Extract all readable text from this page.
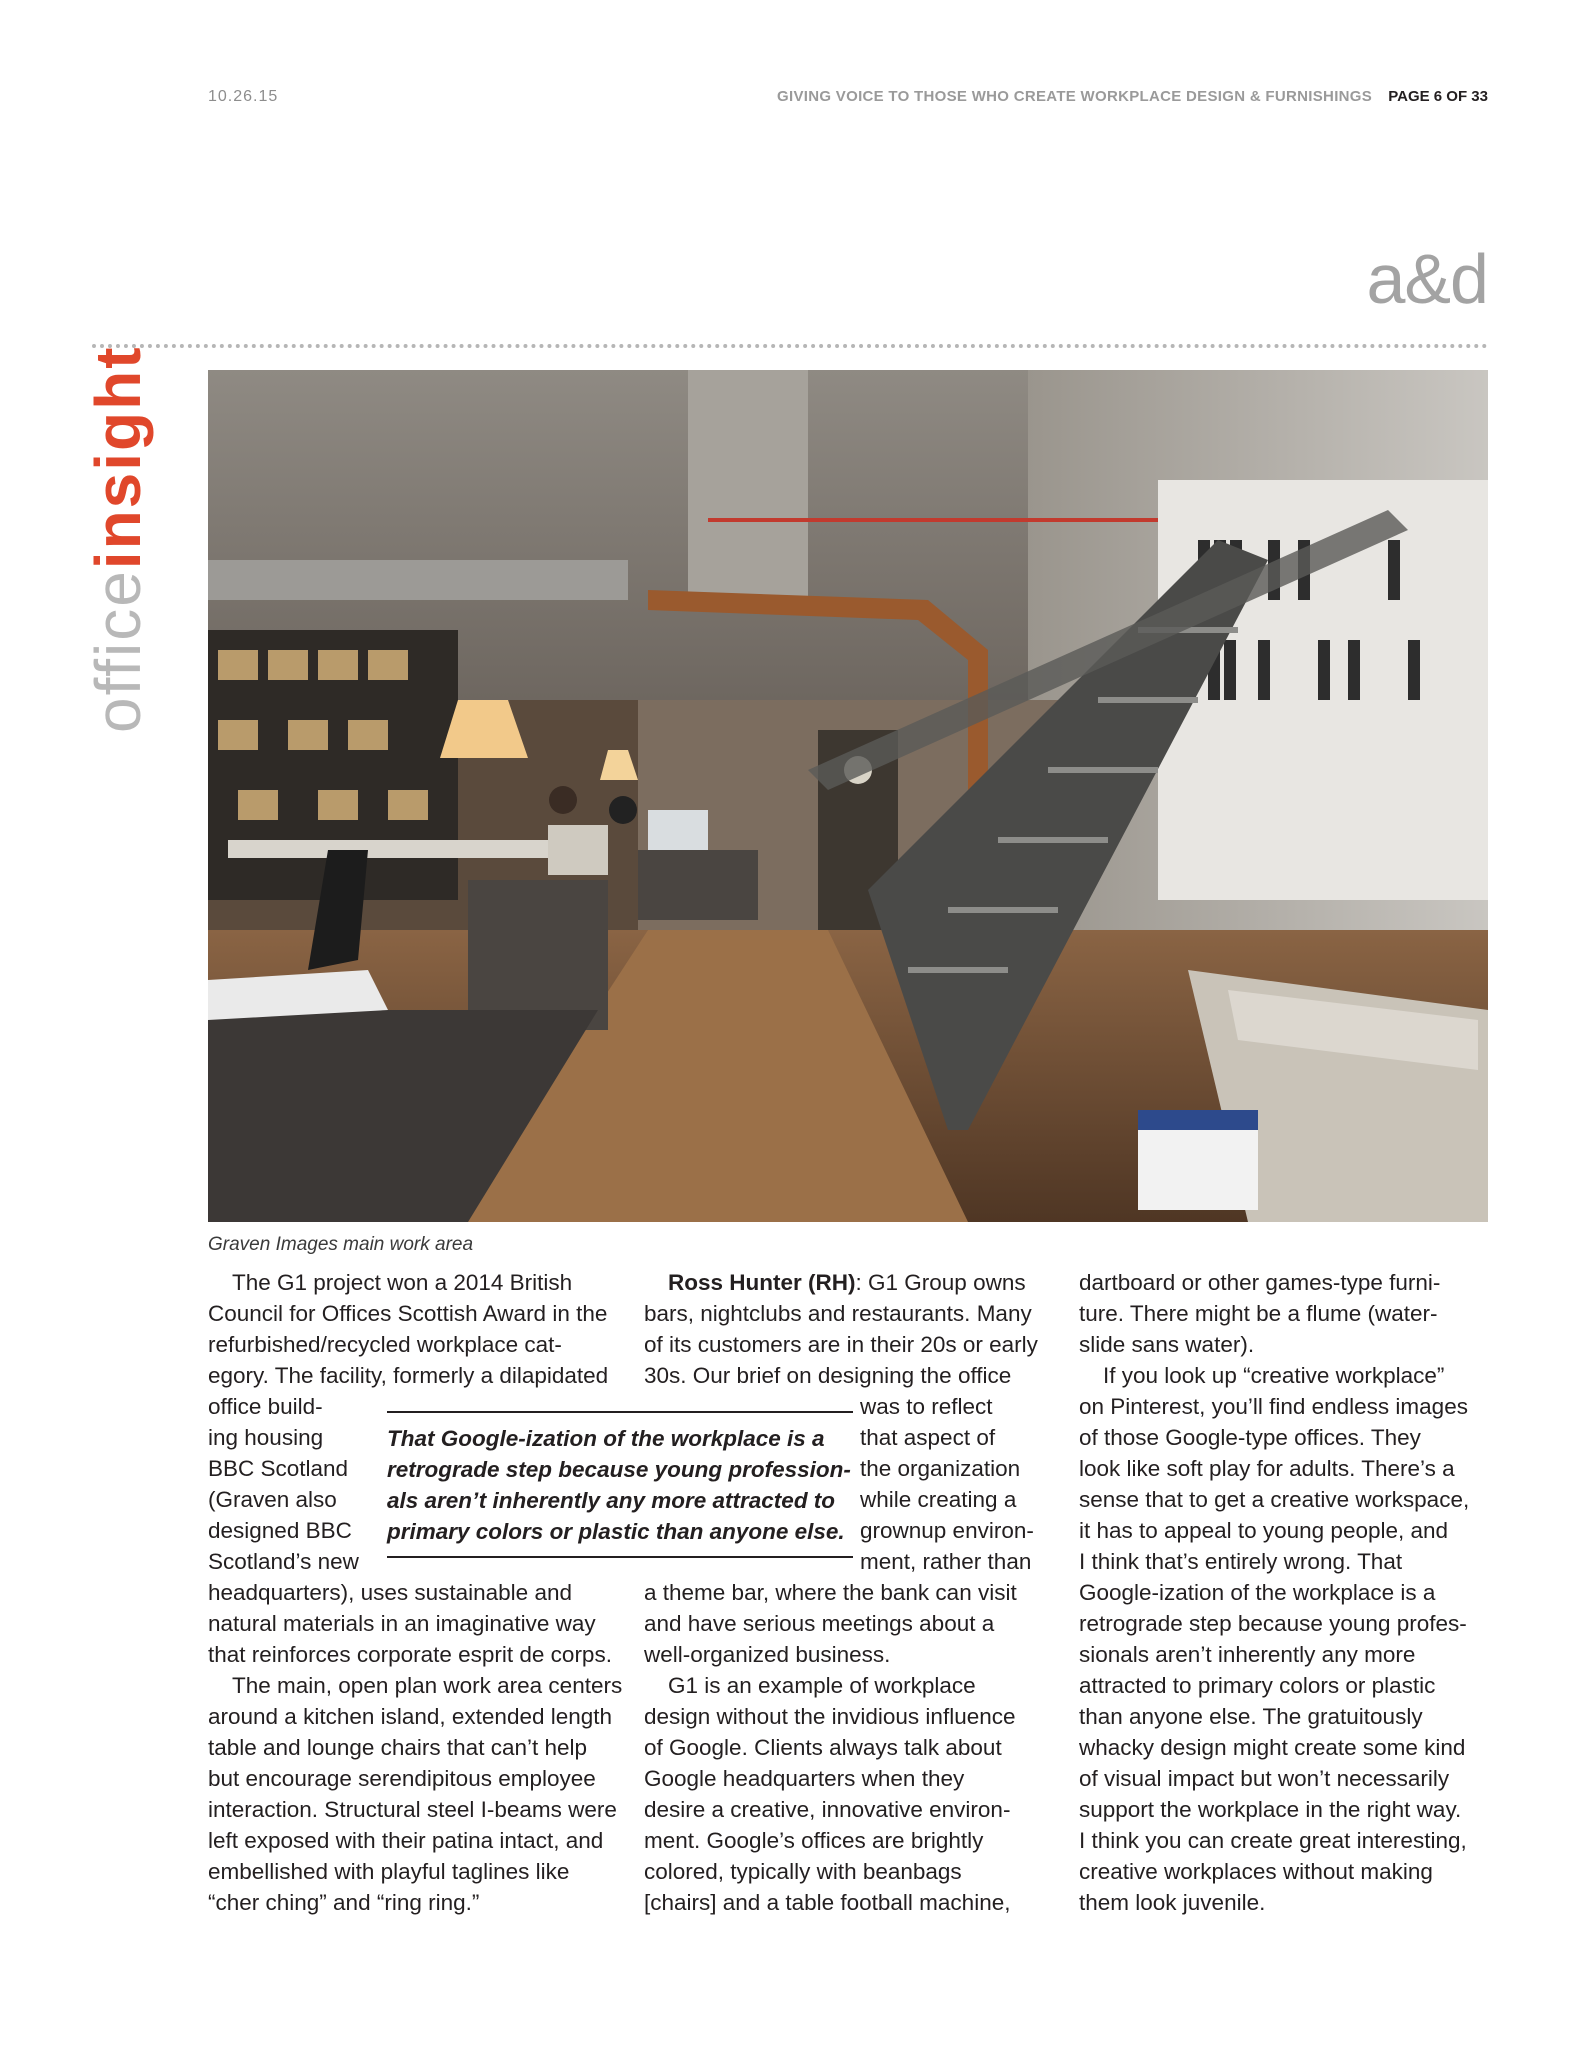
10.26.15	GIVING VOICE TO THOSE WHO CREATE WORKPLACE DESIGN & FURNISHINGS PAGE 6 OF 33
a&d
officeinsight
Graven Images main work area
The G1 project won a 2014 British
Council for Offices Scottish Award in the
refurbished/recycled workplace cat-
egory. The facility, formerly a dilapidated
office build-
ing housing
BBC Scotland
(Graven also
designed BBC
Scotland’s new
headquarters), uses sustainable and
natural materials in an imaginative way
that reinforces corporate esprit de corps.
The main, open plan work area centers
around a kitchen island, extended length
table and lounge chairs that can’t help
but encourage serendipitous employee
interaction. Structural steel I-beams were
left exposed with their patina intact, and
embellished with playful taglines like
“cher ching” and “ring ring.”
Ross Hunter (RH): G1 Group owns
bars, nightclubs and restaurants. Many
of its customers are in their 20s or early
30s. Our brief on designing the office
was to reflect
that aspect of
the organization
while creating a
grownup environ-
ment, rather than
a theme bar, where the bank can visit
and have serious meetings about a
well-organized business.
G1 is an example of workplace
design without the invidious influence
of Google. Clients always talk about
Google headquarters when they
desire a creative, innovative environ-
ment. Google’s offices are brightly
colored, typically with beanbags
[chairs] and a table football machine,
dartboard or other games-type furni-
ture. There might be a flume (water-
slide sans water).
If you look up “creative workplace”
on Pinterest, you’ll find endless images
of those Google-type offices. They
look like soft play for adults. There’s a
sense that to get a creative workspace,
it has to appeal to young people, and
I think that’s entirely wrong. That
Google-ization of the workplace is a
retrograde step because young profes-
sionals aren’t inherently any more
attracted to primary colors or plastic
than anyone else. The gratuitously
whacky design might create some kind
of visual impact but won’t necessarily
support the workplace in the right way.
I think you can create great interesting,
creative workplaces without making
them look juvenile.
That Google-ization of the workplace is a
retrograde step because young profession-
als aren’t inherently any more attracted to
primary colors or plastic than anyone else.
